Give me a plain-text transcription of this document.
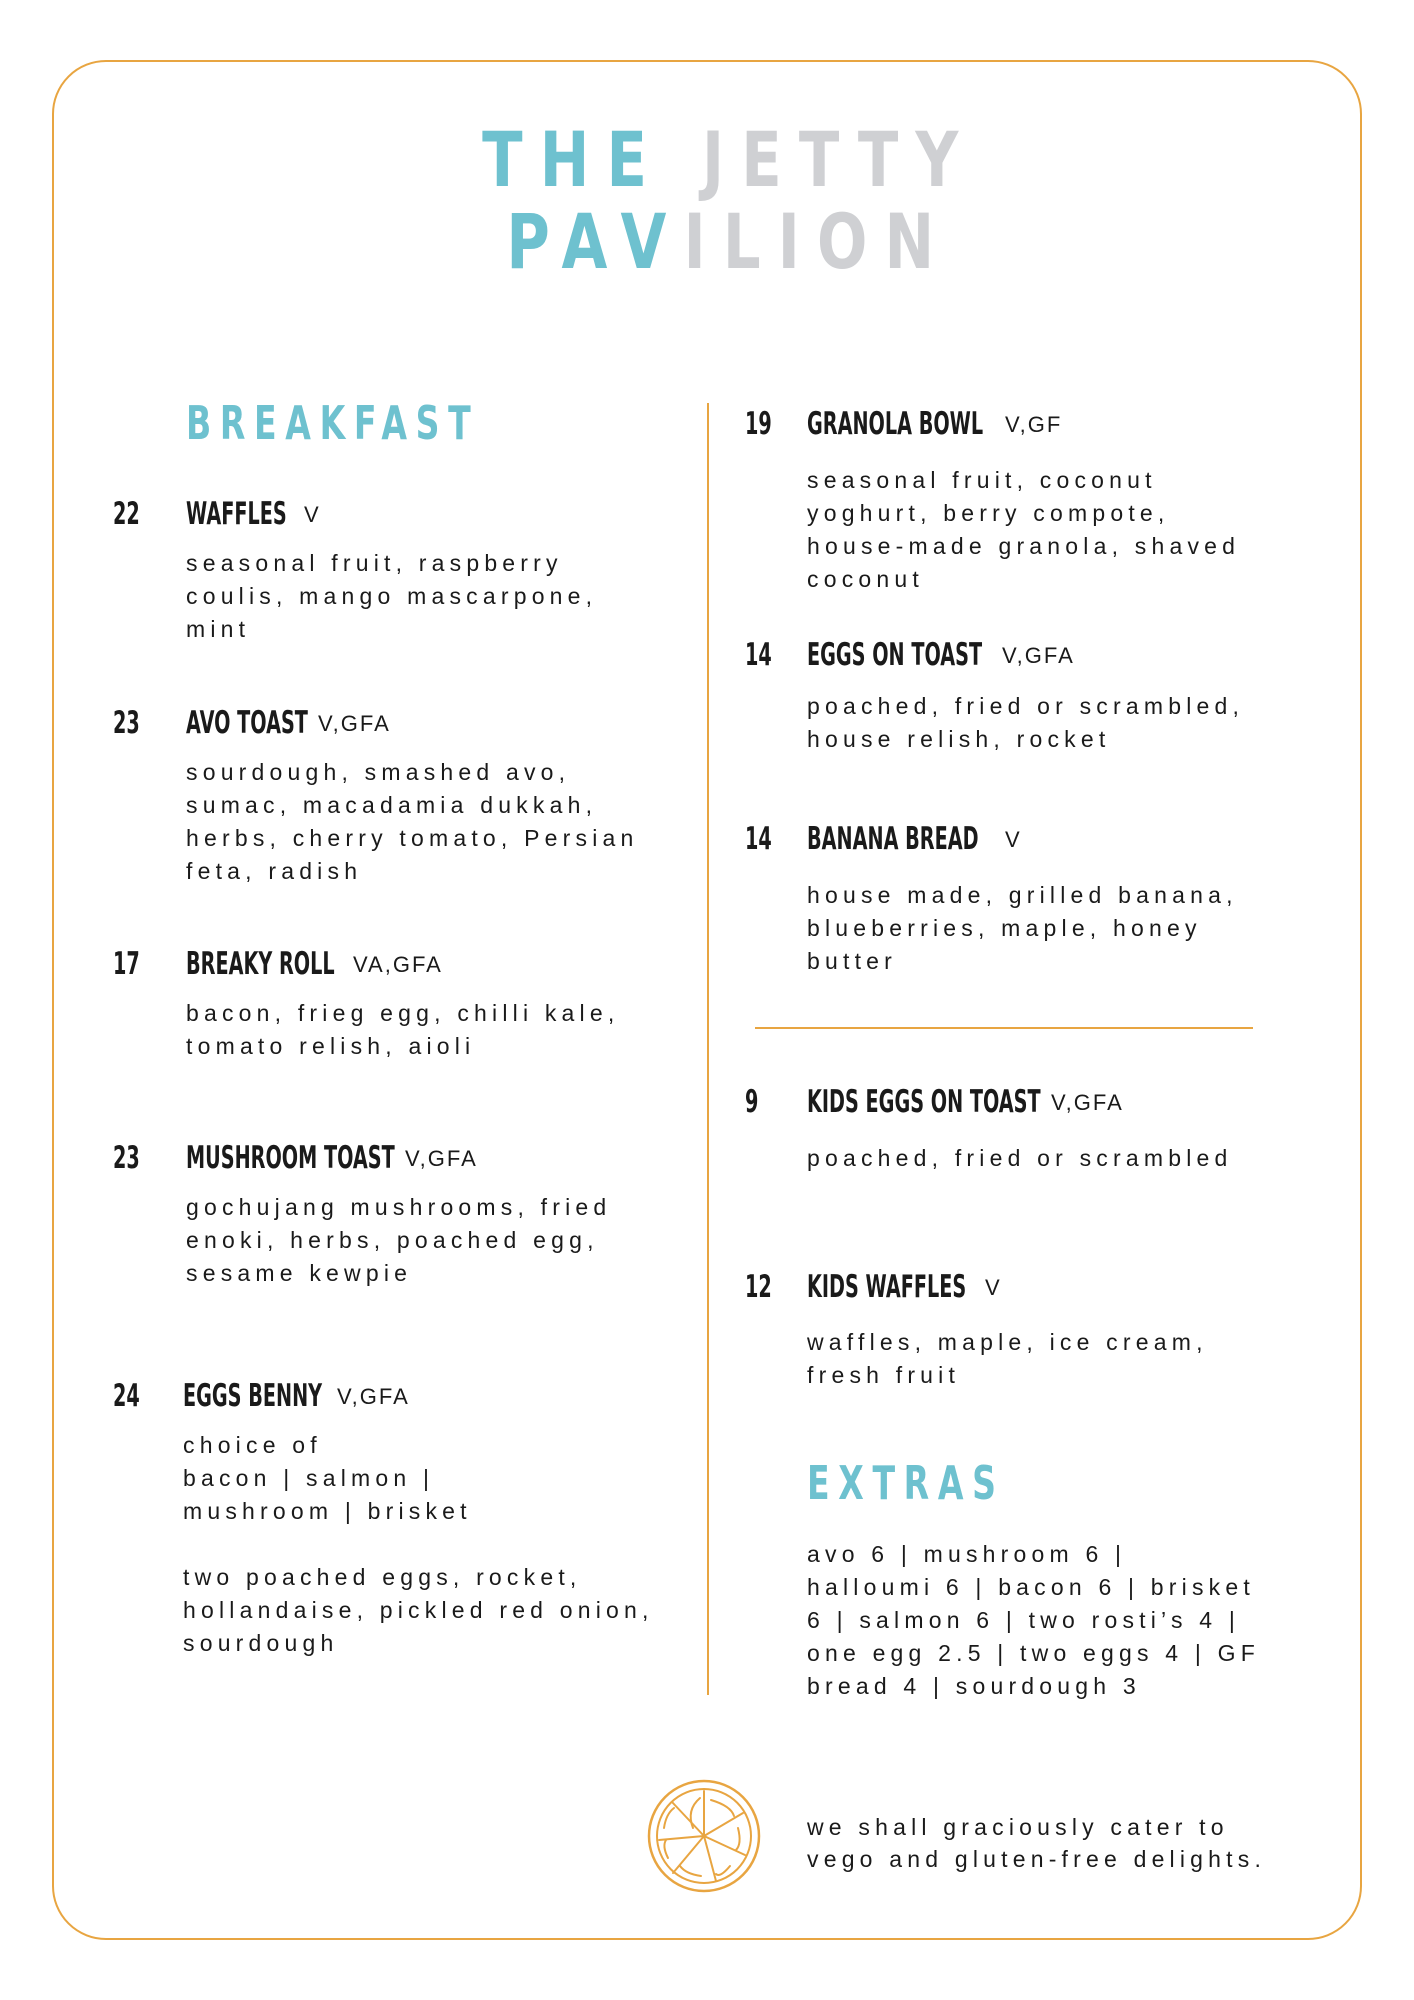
THE JETTY
PAVILION
BREAKFAST
22 WAFFLES V
seasonal fruit, raspberry
coulis, mango mascarpone,
mint
23 AVO TOAST V,GFA
sourdough, smashed avo,
sumac, macadamia dukkah,
herbs, cherry tomato, Persian
feta, radish
17 BREAKY ROLL VA,GFA
bacon, frieg egg, chilli kale,
tomato relish, aioli
23 MUSHROOM TOAST V,GFA
gochujang mushrooms, fried
enoki, herbs, poached egg,
sesame kewpie
24 EGGS BENNY V,GFA
choice of
bacon | salmon |
mushroom | brisket

two poached eggs, rocket,
hollandaise, pickled red onion,
sourdough
19 GRANOLA BOWL V,GF
seasonal fruit, coconut
yoghurt, berry compote,
house-made granola, shaved
coconut
14 EGGS ON TOAST V,GFA
poached, fried or scrambled,
house relish, rocket
14 BANANA BREAD	V
house made, grilled banana,
blueberries, maple, honey
butter
9 KIDS EGGS ON TOAST V,GFA
poached, fried or scrambled
12 KIDS WAFFLES V
waffles, maple, ice cream,
fresh fruit
EXTRAS
avo 6 | mushroom 6 |
halloumi 6 | bacon 6 | brisket
6 | salmon 6 | two rosti’s 4 |
one egg 2.5 | two eggs 4 | GF
bread 4 | sourdough 3
we shall graciously cater to
vego and gluten-free delights.
